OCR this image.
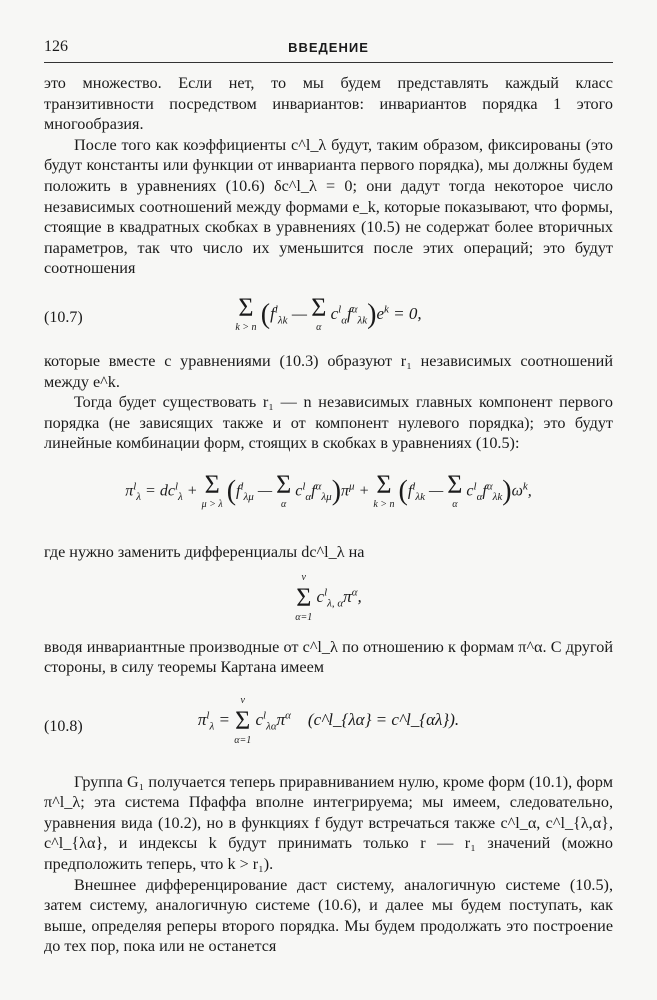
126	ВВЕДЕНИЕ

это множество. Если нет, то мы будем представлять каждый класс транзитивности посредством инвариантов: инвариантов порядка 1 этого многообразия.

После того как коэффициенты c^l_λ будут, таким образом, фиксированы (это будут константы или функции от инварианта первого порядка), мы должны будем положить в уравнениях (10.6) δc^l_λ = 0; они дадут тогда некоторое число независимых соотношений между формами e_k, которые показывают, что формы, стоящие в квадратных скобках в уравнениях (10.5) не содержат более вторичных параметров, так что число их уменьшится после этих операций; это будут соотношения

(10.7)	Σ
k > n ($f^l_{\lambda k}$ — Σ
α
$c^l_\alpha f^\alpha_{\lambda k})e^k = 0$,

которые вместе с уравнениями (10.3) образуют r₁ независимых соотношений между e^k.

Тогда будет существовать r₁ — n независимых главных компонент первого порядка (не зависящих также и от компонент нулевого порядка); это будут линейные комбинации форм, стоящих в скобках в уравнениях (10.5):

$\pi^l_\lambda = dc^l_\lambda + \Sigma$
μ > λ ($f^l_{\lambda\mu}$ — Σ
α
$c^l_\alpha f^\alpha_{\lambda\mu})\pi^\mu + \Sigma$
k > n ($f^l_{\lambda k}$ — Σ
α
$c^l_\alpha f^\alpha_{\lambda k})\omega^k$,

где нужно заменить дифференциалы dc^l_λ на

ν
Σ
α=1
$c^l_{\lambda, \alpha}\pi^\alpha$,

вводя инвариантные производные от c^l_λ по отношению к формам π^α. С другой стороны, в силу теоремы Картана имеем

(10.8)	$\pi^l_\lambda$ =
ν
Σ
α=1
$c^l_{\lambda\alpha}\pi^\alpha$ (c^l_{λα} = c^l_{αλ}).

Группа G₁ получается теперь приравниванием нулю, кроме форм (10.1), форм π^l_λ; эта система Пфаффа вполне интегрируема; мы имеем, следовательно, уравнения вида (10.2), но в функциях f будут встречаться также c^l_α, c^l_{λ,α}, c^l_{λα}, и индексы k будут принимать только r — r₁ значений (можно предположить теперь, что k > r₁).

Внешнее дифференцирование даст систему, аналогичную системе (10.5), затем систему, аналогичную системе (10.6), и далее мы будем поступать, как выше, определяя реперы второго порядка. Мы будем продолжать это построение до тех пор, пока или не останется
